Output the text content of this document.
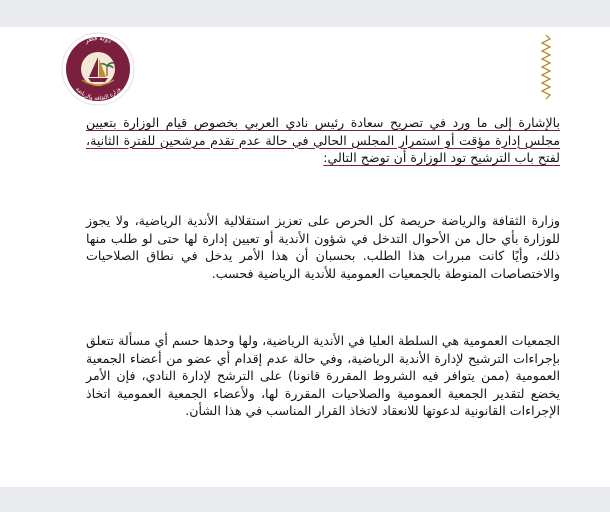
دولة قطر
وزارة الثقافة والرياضة
بالإشارة إلى ما ورد في تصريح سعادة رئيس نادي العربي بخصوص قيام الوزارة بتعيين مجلس إدارة مؤقت أو استمرار المجلس الحالي في حالة عدم تقدم مرشحين للفترة الثانية، لفتح باب الترشيح تود الوزارة أن توضح التالي:
وزارة الثقافة والرياضة حريصة كل الحرص على تعزيز استقلالية الأندية الرياضية، ولا يجوز للوزارة بأي حال من الأحوال التدخل في شؤون الأندية أو تعيين إدارة لها حتى لو طلب منها ذلك، وأيًا كانت مبررات هذا الطلب. بحسبان أن هذا الأمر يدخل في نطاق الصلاحيات والاختصاصات المنوطة بالجمعيات العمومية للأندية الرياضية فحسب.
الجمعيات العمومية هي السلطة العليا في الأندية الرياضية، ولها وحدها حسم أي مسألة تتعلق بإجراءات الترشيح لإدارة الأندية الرياضية، وفي حالة عدم إقدام أي عضو من أعضاء الجمعية العمومية (ممن يتوافر فيه الشروط المقررة قانونا) على الترشح لإدارة النادي، فإن الأمر يخضع لتقدير الجمعية العمومية والصلاحيات المقررة لها، ولأعضاء الجمعية العمومية اتخاذ الإجراءات القانونية لدعوتها للانعقاد لاتخاذ القرار المناسب في هذا الشأن.
